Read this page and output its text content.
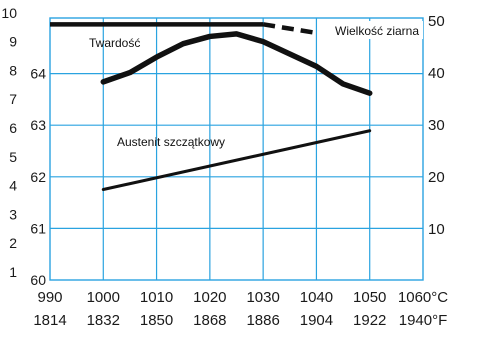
990 1000 1010 1020 1030 1040 1050 1060°C
1814 1832 1850 1868 1886 1904 1922 1940°F
60
61
62
63
64
1
2
3
4
5
6
7
8
9
10
10
20
30
40
50
Twardość
Austenit szczątkowy
Wielkość ziarna
